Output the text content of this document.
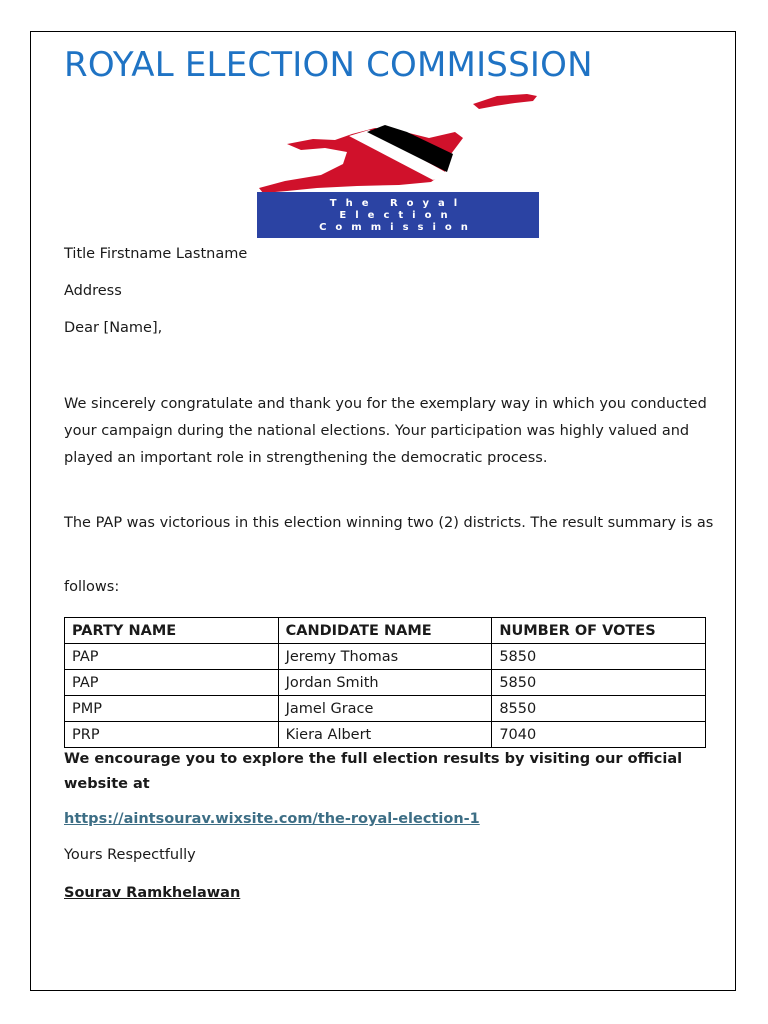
ROYAL ELECTION COMMISSION
The Royal
Election
Commission

Title Firstname Lastname

Address

Dear [Name],

We sincerely congratulate and thank you for the exemplary way in which you conducted your campaign during the national elections. Your participation was highly valued and played an important role in strengthening the democratic process.

The PAP was victorious in this election winning two (2) districts. The result summary is as

follows:

PARTY NAME	CANDIDATE NAME	NUMBER OF VOTES
PAP	Jeremy Thomas	5850
PAP	Jordan Smith	5850
PMP	Jamel Grace	8550
PRP	Kiera Albert	7040

We encourage you to explore the full election results by visiting our official website at

https://aintsourav.wixsite.com/the-royal-election-1

Yours Respectfully

Sourav Ramkhelawan
